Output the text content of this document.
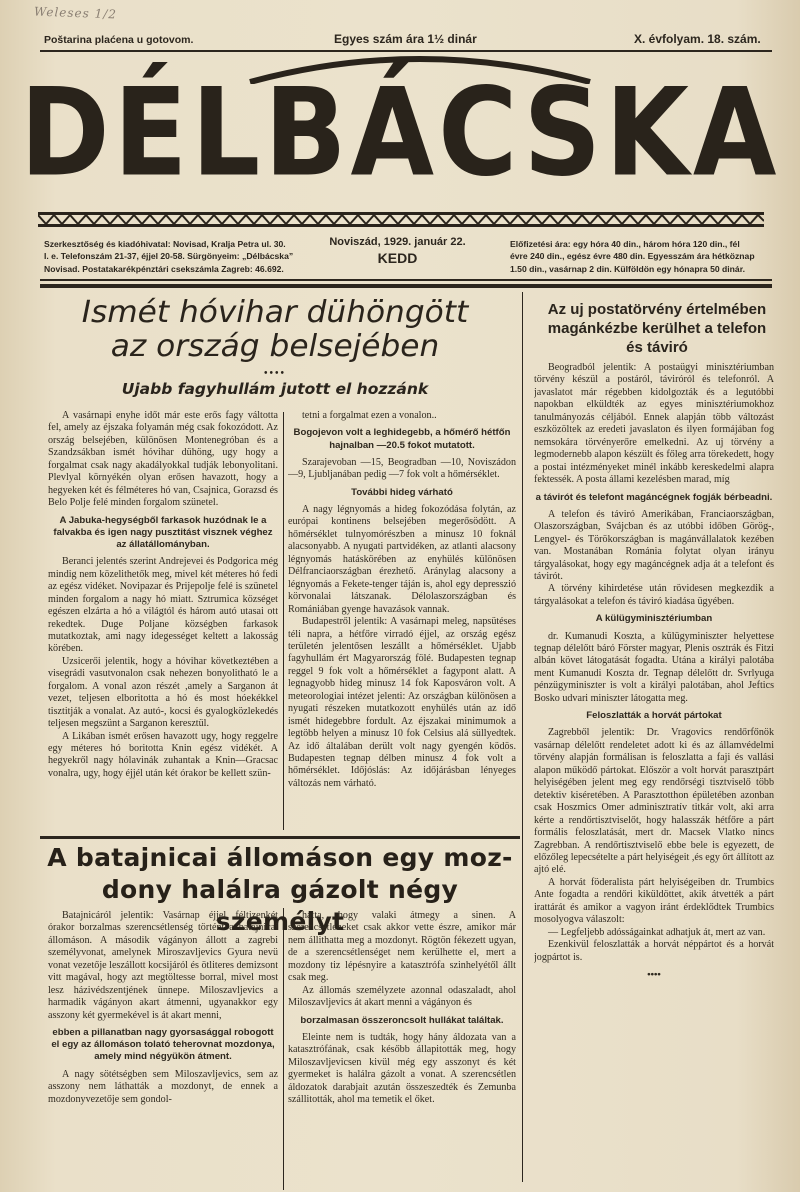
Weleses 1/2
Poštarina plaćena u gotovom.	Egyes szám ára 1½ dinár	X. évfolyam. 18. szám.
DÉLBÁCSKA
Szerkesztőség és kiadóhivatal: Novisad, Kralja Petra ul. 30.
I. e. Telefonszám 21-37, éjjel 20-58. Sürgönyeim: „Délbácska”
Novisad. Postatakarékpénztári csekszámla Zagreb: 46.692.
Noviszád, 1929. január 22.
KEDD
Előfizetési ára: egy hóra 40 din., három hóra 120 din., fél
évre 240 din., egész évre 480 din. Egyesszám ára hétköznap
1.50 din., vasárnap 2 din. Külföldön egy hónapra 50 dinár.
Ismét hóvihar dühöngött
az ország belsejében
••••
Ujabb fagyhullám jutott el hozzánk

A vasárnapi enyhe időt már este erős fagy váltotta fel, amely az éjszaka folyamán még csak fokozódott. Az ország belsejében, különösen Montenegróban és a Szandzsákban ismét hóvihar dühöng, ugy hogy a forgalmat csak nagy akadályokkal tudják lebonyolitani. Plevlyal környékén olyan erősen havazott, hogy a hegyeken két és félméteres hó van, Csajnica, Gorazsd és Belo Polje felé minden forgalom szünetel.

A Jabuka-hegységből farkasok huzódnak le a falvakba és igen nagy pusztitást visznek véghez az állatállományban.

Beranci jelentés szerint Andrejevei és Podgorica még mindig nem közelithetők meg, mivel két méteres hó fedi az egész vidéket. Novipazar és Prijepolje felé is szünetel minden forgalom a nagy hó miatt. Sztrumica községet egészen elzárta a hó a világtól és három autó utasai ott rekedtek. Duge Poljane községben farkasok mutatkoztak, ami nagy idegességet keltett a lakosság körében.

Uzsicerői jelentik, hogy a hóvihar következtében a visegrádi vasutvonalon csak nehezen bonyolitható le a forgalom. A vonal azon részét ,amely a Sarganon át vezet, teljesen elboritotta a hó és most hóekékkel tisztitják a vonalat. Az autó-, kocsi és gyalogközlekedés teljesen megszünt a Sarganon keresztül.

A Likában ismét erősen havazott ugy, hogy reggelre egy méteres hó boritotta Knin egész vidékét. A hegyekről nagy hólavinák zuhantak a Knin—Gracsac vonalra, ugy, hogy éjjél után két órakor be kellett szün-

tetni a forgalmat ezen a vonalon..

Bogojevon volt a leghidegebb, a hőmérő hétfőn hajnalban —20.5 fokot mutatott.

Szarajevoban —15, Beogradban —10, Noviszádon —9, Ljubljanában pedig —7 fok volt a hőmérséklet.

További hideg várható

A nagy légnyomás a hideg fokozódása folytán, az európai kontinens belsejében megerősödött. A hőmérséklet tulnyomórészben a minusz 10 foknál alacsonyabb. A nyugati partvidéken, az atlanti alacsony légnyomás hatáskörében az enyhülés különösen Délfranciaországban érezhető. Aránylag alacsony a légnyomás a Fekete-tenger táján is, ahol egy depresszió körvonalai látszanak. Délolaszországban és Romániában gyenge havazások vannak.

Budapestről jelentik: A vasárnapi meleg, napsütéses téli napra, a hétfőre virradó éjjel, az ország egész területén jelentősen leszállt a hőmérséklet. Ujabb fagyhullám ért Magyarország fölé. Budapesten tegnap reggel 9 fok volt a hőmérséklet a fagypont alatt. A legnagyobb hideg minusz 14 fok Kaposváron volt. A meteorologiai intézet jelenti: Az országban különösen a nyugati részeken mutatkozott enyhülés után az idő ismét hidegebbre fordult. Az éjszakai minimumok a legtöbb helyen a minusz 10 fok Celsius alá süllyedtek. Az idő általában derült volt nagy gyengén ködös. Budapesten tegnap délben minusz 4 fok volt a hőmérséklet. Időjóslás: Az időjárásban lényeges változás nem várható.

A batajnicai állomáson egy moz-
dony halálra gázolt négy személyt

Batajnicáról jelentik: Vasárnap éjjel féltizenkét órakor borzalmas szerencsétlenség történt a batajnicai állomáson. A második vágányon állott a zagrebi személyvonat, amelynek Miroszavljevics Gyura nevü vonat vezetője leszállott kocsijáról és ötliteres demizsont vitt magával, hogy azt megtöltesse borral, mivel most lesz házivédszentjének ünnepe. Miloszavljevics a harmadik vágányon akart átmenni, ugyanakkor egy asszony két gyermekével is át akart menni,

ebben a pillanatban nagy gyorsasággal robogott el egy az állomáson tolató teherovnat mozdonya, amely mind négyükön átment.

A nagy sötétségben sem Miloszavljevics, sem az asszony nem láthatták a mozdonyt, de ennek a mozdonyvezetője sem gondol-

hatta, hogy valaki átmegy a sinen. A szerencsétleneket csak akkor vette észre, amikor már nem állithatta meg a mozdonyt. Rögtön fékezett ugyan, de a szerencsétlenséget nem kerülhette el, mert a mozdony tiz lépésnyire a katasztrófa szinhelyétől állt csak meg.

Az állomás személyzete azonnal odaszaladt, ahol Miloszavljevics át akart menni a vágányon és

borzalmasan összeroncsolt hullákat találtak.

Eleinte nem is tudták, hogy hány áldozata van a katasztrófának, csak később állapitották meg, hogy Miloszavljevicsen kivül még egy asszonyt és két gyermeket is halálra gázolt a vonat. A szerencsétlen áldozatok darabjait azután összeszedték és Zemunba szállitották, ahol ma temetik el őket.

Az uj postatörvény értelmében
magánkézbe kerülhet a telefon
és táviró

Beogradból jelentik: A postaügyi minisztériumban törvény készül a postáról, táviróról és telefonról. A javaslatot már régebben kidolgozták és a legutóbbi napokban elküldték az egyes minisztériumokhoz tanulmányozás céljából. Ennek alapján több változást eszközöltek az eredeti javaslaton és ilyen formájában fog nemsokára törvényerőre emelkedni. Az uj törvény a legmodernebb alapon készült és főleg arra törekedett, hogy a postai intézményeket minél inkább kereskedelmi alapra fektessék. A posta állami kezelésben marad, míg

a távirót és telefont magáncégnek fogják bérbeadni.

A telefon és táviró Amerikában, Franciaországban, Olaszországban, Svájcban és az utóbbi időben Görög-, Lengyel- és Törökországban is magánvállalatok kezében van. Mostanában Románia folytat olyan irányu tárgyalásokat, hogy egy magáncégnek adja át a telefont és távirót.

A törvény kihirdetése után rövidesen megkezdik a tárgyalásokat a telefon és táviró kiadása ügyében.

A külügyminisztériumban

dr. Kumanudi Koszta, a külügyminiszter helyettese tegnap délelőtt báró Förster magyar, Plenis osztrák és Fitzi albán követ látogatását fogadta. Utána a királyi palotába ment Kumanudi Koszta dr. Tegnap délelőtt dr. Svrlyuga pénzügyminiszter is volt a királyi palotában, ahol Jeftics Bosko udvari miniszter látogatta meg.

Feloszlatták a horvát pártokat

Zagrebből jelentik: Dr. Vragovics rendőrfőnök vasárnap délelőtt rendeletet adott ki és az államvédelmi törvény alapján formálisan is feloszlatta a faji és vallási alapon működő pártokat. Először a volt horvát parasztpárt helyiségében jelent meg egy rendőrségi tisztviselő több detektiv kiséretében. A Parasztotthon épületében azonban csak Hoszmics Omer adminisztratív titkár volt, aki arra kérte a rendőrtisztviselőt, hogy halasszák hétfőre a párt formális feloszlatását, mert dr. Macsek Vlatko nincs Zagrebban. A rendőrtisztviselő ebbe bele is egyezett, de előzőleg lepecsételte a párt helyiségeit ,és egy őrt állított az ajtó elé.

A horvát föderalista párt helyiségeiben dr. Trumbics Ante fogadta a rendőri kiküldöttet, akik átvették a párt irattárát és amikor a vagyon iránt érdeklődtek Trumbics mosolyogva válaszolt:

— Legfeljebb adósságainkat adhatjuk át, mert az van.

Ezenkivül feloszlatták a horvát néppártot és a horvát jogpártot is.

••••
